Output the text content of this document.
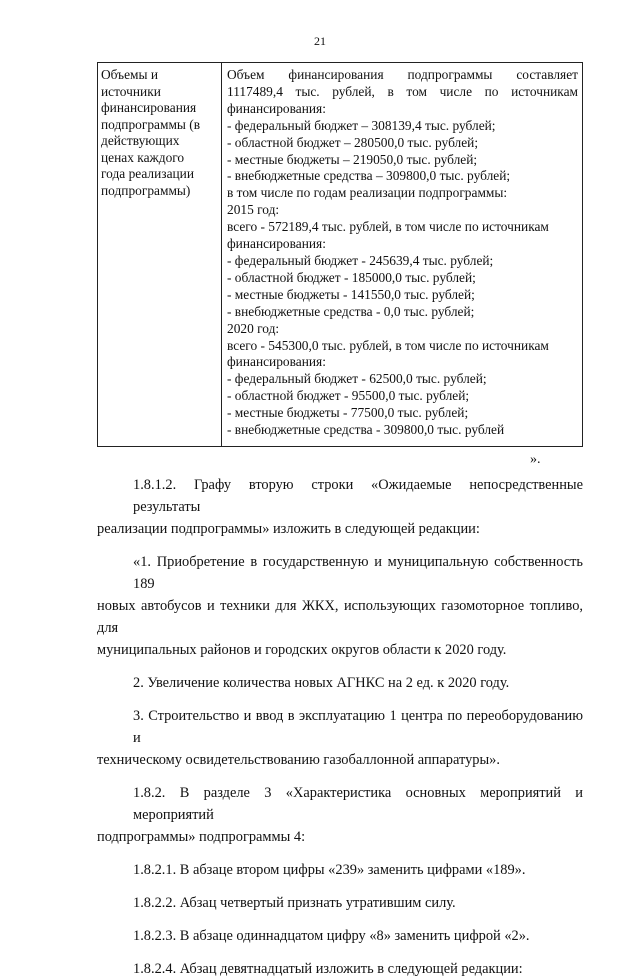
21
Объемы и
источники
финансирования
подпрограммы (в
действующих
ценах каждого
года реализации
подпрограммы)
Объем финансирования подпрограммы составляет
1117489,4 тыс. рублей, в том числе по источникам
финансирования:
- федеральный бюджет – 308139,4 тыс. рублей;
- областной бюджет – 280500,0 тыс. рублей;
- местные бюджеты – 219050,0 тыс. рублей;
- внебюджетные средства – 309800,0 тыс. рублей;
в том числе по годам реализации подпрограммы:
2015 год:
всего - 572189,4 тыс. рублей, в том числе по источникам
финансирования:
- федеральный бюджет - 245639,4 тыс. рублей;
- областной бюджет - 185000,0 тыс. рублей;
- местные бюджеты - 141550,0 тыс. рублей;
- внебюджетные средства - 0,0 тыс. рублей;
2020 год:
всего - 545300,0 тыс. рублей, в том числе по источникам
финансирования:
- федеральный бюджет - 62500,0 тыс. рублей;
- областной бюджет - 95500,0 тыс. рублей;
- местные бюджеты - 77500,0 тыс. рублей;
- внебюджетные средства - 309800,0 тыс. рублей
».
1.8.1.2. Графу вторую строки «Ожидаемые непосредственные результаты
реализации подпрограммы» изложить в следующей редакции:
«1. Приобретение в государственную и муниципальную собственность 189
новых автобусов и техники для ЖКХ, использующих газомоторное топливо, для
муниципальных районов и городских округов области к 2020 году.
2. Увеличение количества новых АГНКС на 2 ед. к 2020 году.
3. Строительство и ввод в эксплуатацию 1 центра по переоборудованию и
техническому освидетельствованию газобаллонной аппаратуры».
1.8.2. В разделе 3 «Характеристика основных мероприятий и мероприятий
подпрограммы» подпрограммы 4:
1.8.2.1. В абзаце втором цифры «239» заменить цифрами «189».
1.8.2.2. Абзац четвертый признать утратившим силу.
1.8.2.3. В абзаце одиннадцатом цифру «8» заменить цифрой «2».
1.8.2.4. Абзац девятнадцатый изложить в следующей редакции:
